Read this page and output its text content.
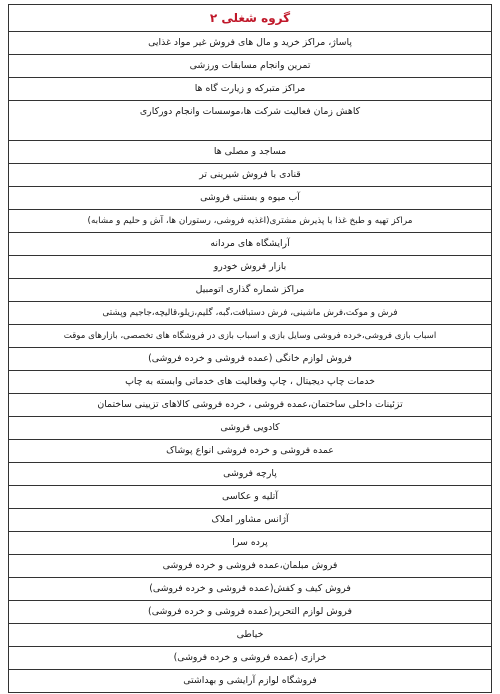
گروه شغلی ۲
پاساژ، مراکز خرید و مال های فروش غیر مواد غذایی
تمرین وانجام مسابقات ورزشی
مراکز متبرکه و زیارت گاه ها
کاهش زمان فعالیت شرکت ها،موسسات وانجام دورکاری
مساجد و مصلی ها
قنادی با فروش شیرینی تر
آب میوه و بستنی فروشی
مراکز تهیه و طبخ غذا با پذیرش مشتری(اغذیه فروشی، رستوران ها، آش و حلیم و مشابه)
آرایشگاه های مردانه
بازار فروش خودرو
مراکز شماره گذاری اتومبیل
فرش و موکت،فرش ماشینی، فرش دستبافت،گبه، گلیم،زیلو،قالیچه،جاجیم وپشتی
اسباب بازی فروشی،خرده فروشی وسایل بازی و اسباب بازی در فروشگاه های تخصصی، بازارهای موقت
فروش لوازم خانگی (عمده فروشی و خرده فروشی)
خدمات چاپ دیجیتال ، چاپ وفعالیت های خدماتی وابسته به چاپ
تزئینات داخلی ساختمان،عمده فروشی ، خرده فروشی کالاهای تزیینی ساختمان
کادویی فروشی
عمده فروشی و خرده فروشی انواع پوشاک
پارچه فروشی
آتلیه و عکاسی
آژانس مشاور املاک
پرده سرا
فروش مبلمان،عمده فروشی و خرده فروشی
فروش کیف و کفش(عمده فروشی و خرده فروشی)
فروش لوازم التحریر(عمده فروشی و خرده فروشی)
خیاطی
خرازی (عمده فروشی و خرده فروشی)
فروشگاه لوازم آرایشی و بهداشتی
